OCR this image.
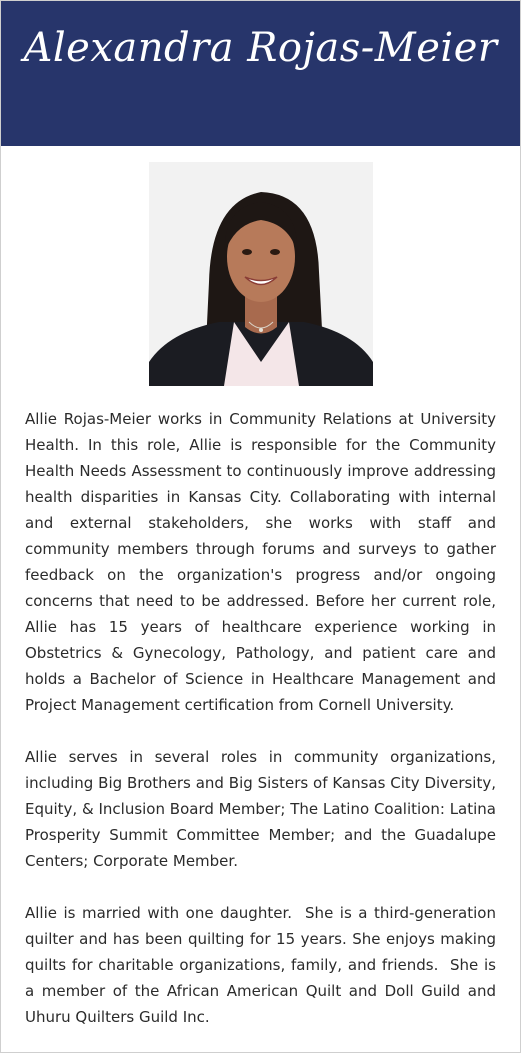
Alexandra Rojas-Meier

Allie Rojas-Meier works in Community Relations at University Health. In this role, Allie is responsible for the Community Health Needs Assessment to continuously improve addressing health disparities in Kansas City. Collaborating with internal and external stakeholders, she works with staff and community members through forums and surveys to gather feedback on the organization's progress and/or ongoing concerns that need to be addressed. Before her current role, Allie has 15 years of healthcare experience working in Obstetrics & Gynecology, Pathology, and patient care and holds a Bachelor of Science in Healthcare Management and Project Management certification from Cornell University.

Allie serves in several roles in community organizations, including Big Brothers and Big Sisters of Kansas City Diversity, Equity, & Inclusion Board Member; The Latino Coalition: Latina Prosperity Summit Committee Member; and the Guadalupe Centers; Corporate Member.

Allie is married with one daughter.  She is a third-generation quilter and has been quilting for 15 years. She enjoys making quilts for charitable organizations, family, and friends.  She is a member of the African American Quilt and Doll Guild and Uhuru Quilters Guild Inc.
